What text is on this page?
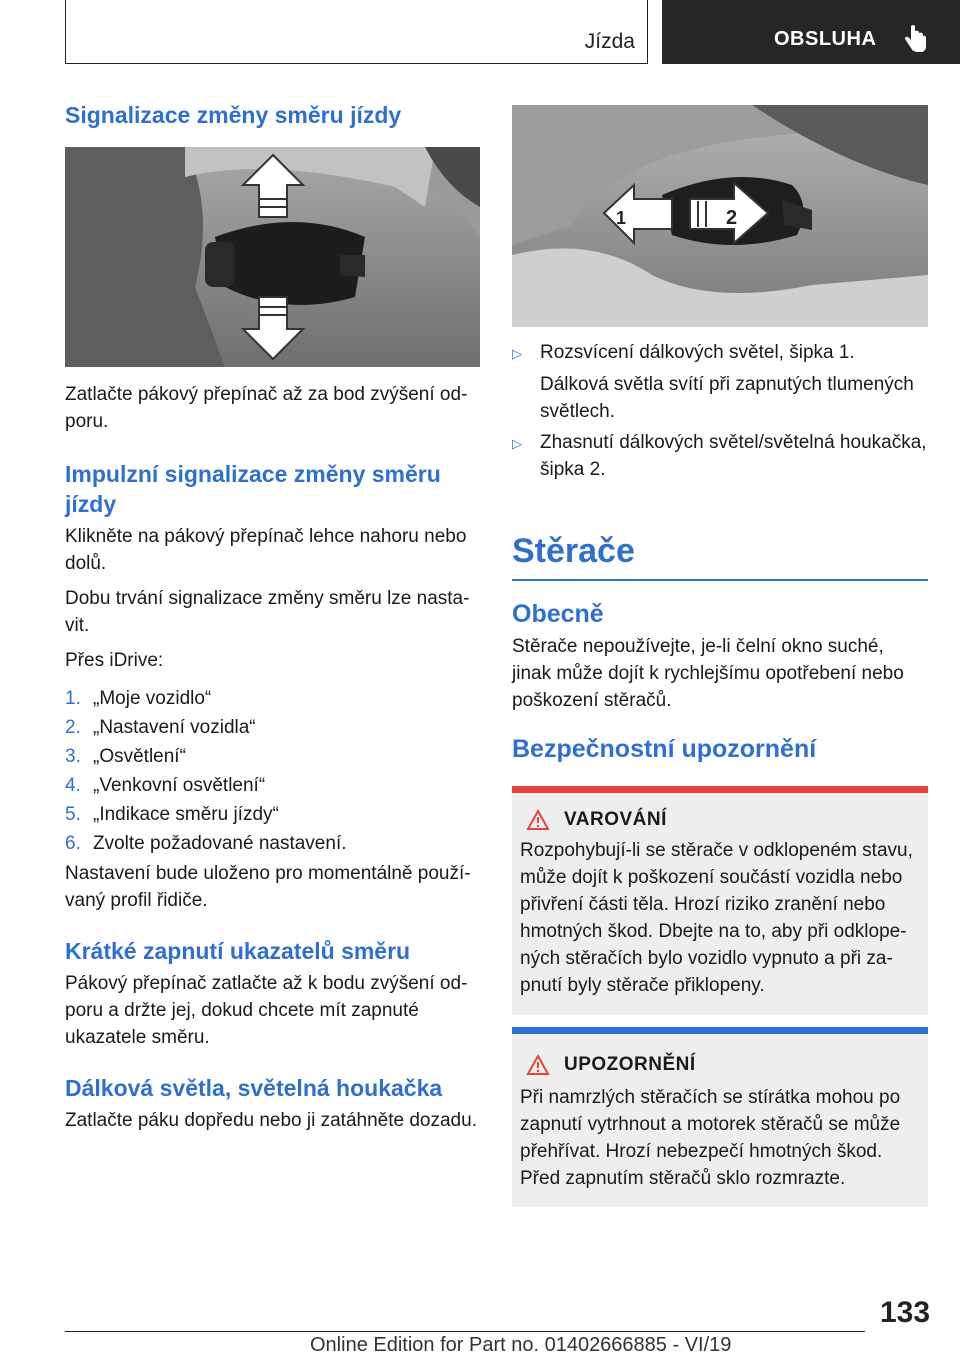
Jízda	OBSLUHA
Signalizace změny směru jízdy

Zatlačte pákový přepínač až za bod zvýšení odporu.

Impulzní signalizace změny směru jízdy

Klikněte na pákový přepínač lehce nahoru nebo dolů.

Dobu trvání signalizace změny směru lze nastavit.

Přes iDrive:

1. „Moje vozidlo“
2. „Nastavení vozidla“
3. „Osvětlení“
4. „Venkovní osvětlení“
5. „Indikace směru jízdy“
6. Zvolte požadované nastavení.

Nastavení bude uloženo pro momentálně používaný profil řidiče.

Krátké zapnutí ukazatelů směru

Pákový přepínač zatlačte až k bodu zvýšení odporu a držte jej, dokud chcete mít zapnuté ukazatele směru.

Dálková světla, světelná houkačka

Zatlačte páku dopředu nebo ji zatáhněte dozadu.

1	2
▷ Rozsvícení dálkových světel, šipka 1.
Dálková světla svítí při zapnutých tlumených světlech.
▷ Zhasnutí dálkových světel/světelná houkačka, šipka 2.
Stěrače
Obecně

Stěrače nepoužívejte, je-li čelní okno suché, jinak může dojít k rychlejšímu opotřebení nebo poškození stěračů.

Bezpečnostní upozornění
VAROVÁNÍ
Rozpohybují-li se stěrače v odklopeném stavu, může dojít k poškození součástí vozidla nebo přivření části těla. Hrozí riziko zranění nebo hmotných škod. Dbejte na to, aby při odklopených stěračích bylo vozidlo vypnuto a při zapnutí byly stěrače přiklopeny.
UPOZORNĚNÍ
Při namrzlých stěračích se stírátka mohou po zapnutí vytrhnout a motorek stěračů se může přehřívat. Hrozí nebezpečí hmotných škod. Před zapnutím stěračů sklo rozmrazte.
133
Online Edition for Part no. 01402666885 - VI/19
